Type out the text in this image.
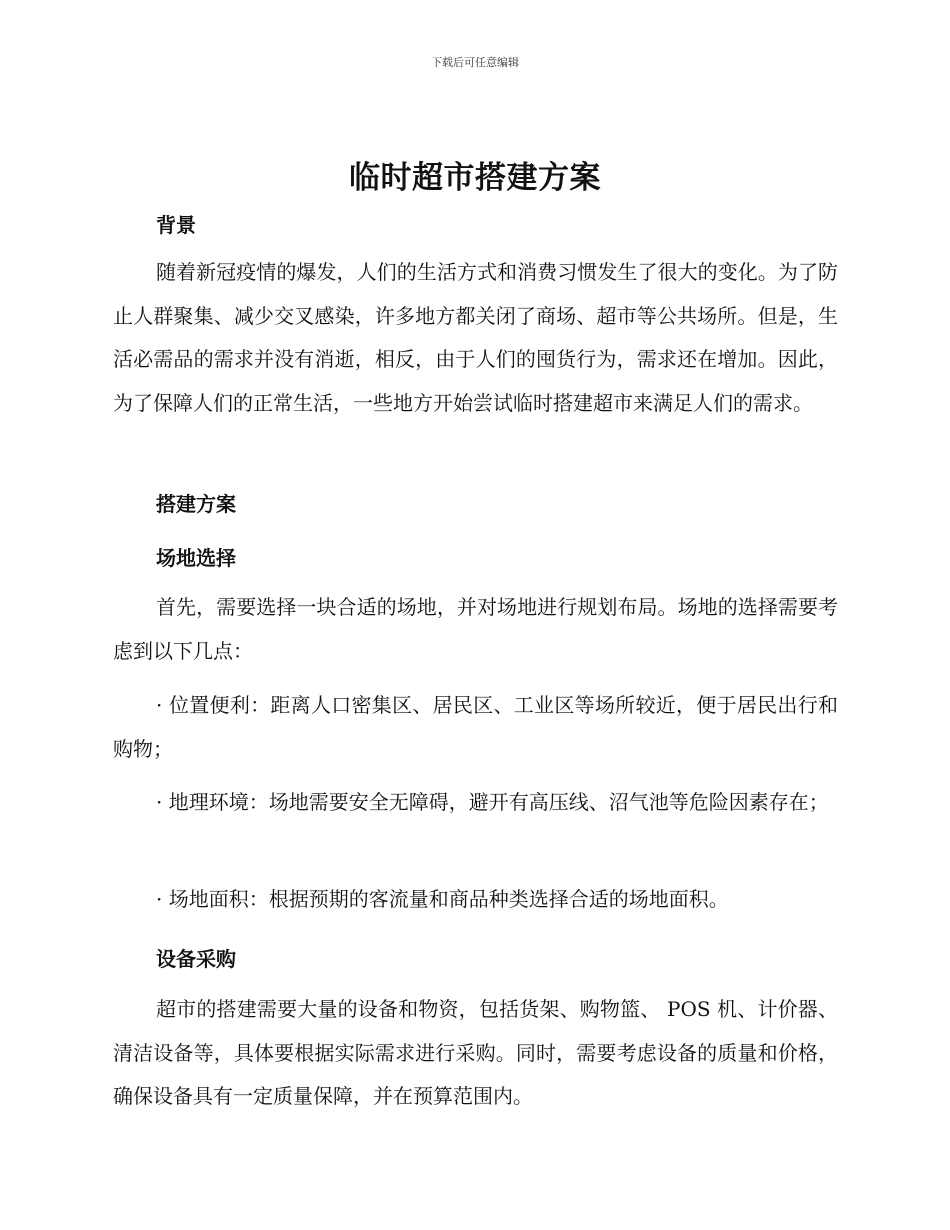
下载后可任意编辑
临时超市搭建方案
背景

随着新冠疫情的爆发，人们的生活方式和消费习惯发生了很大的变化。为了防止人群聚集、减少交叉感染，许多地方都关闭了商场、超市等公共场所。但是，生活必需品的需求并没有消逝，相反，由于人们的囤货行为，需求还在增加。因此，为了保障人们的正常生活，一些地方开始尝试临时搭建超市来满足人们的需求。

搭建方案
场地选择

首先，需要选择一块合适的场地，并对场地进行规划布局。场地的选择需要考虑到以下几点：

· 位置便利：距离人口密集区、居民区、工业区等场所较近，便于居民出行和购物；

· 地理环境：场地需要安全无障碍，避开有高压线、沼气池等危险因素存在；

· 场地面积：根据预期的客流量和商品种类选择合适的场地面积。

设备采购

超市的搭建需要大量的设备和物资，包括货架、购物篮、 POS 机、计价器、清洁设备等，具体要根据实际需求进行采购。同时，需要考虑设备的质量和价格，确保设备具有一定质量保障，并在预算范围内。
